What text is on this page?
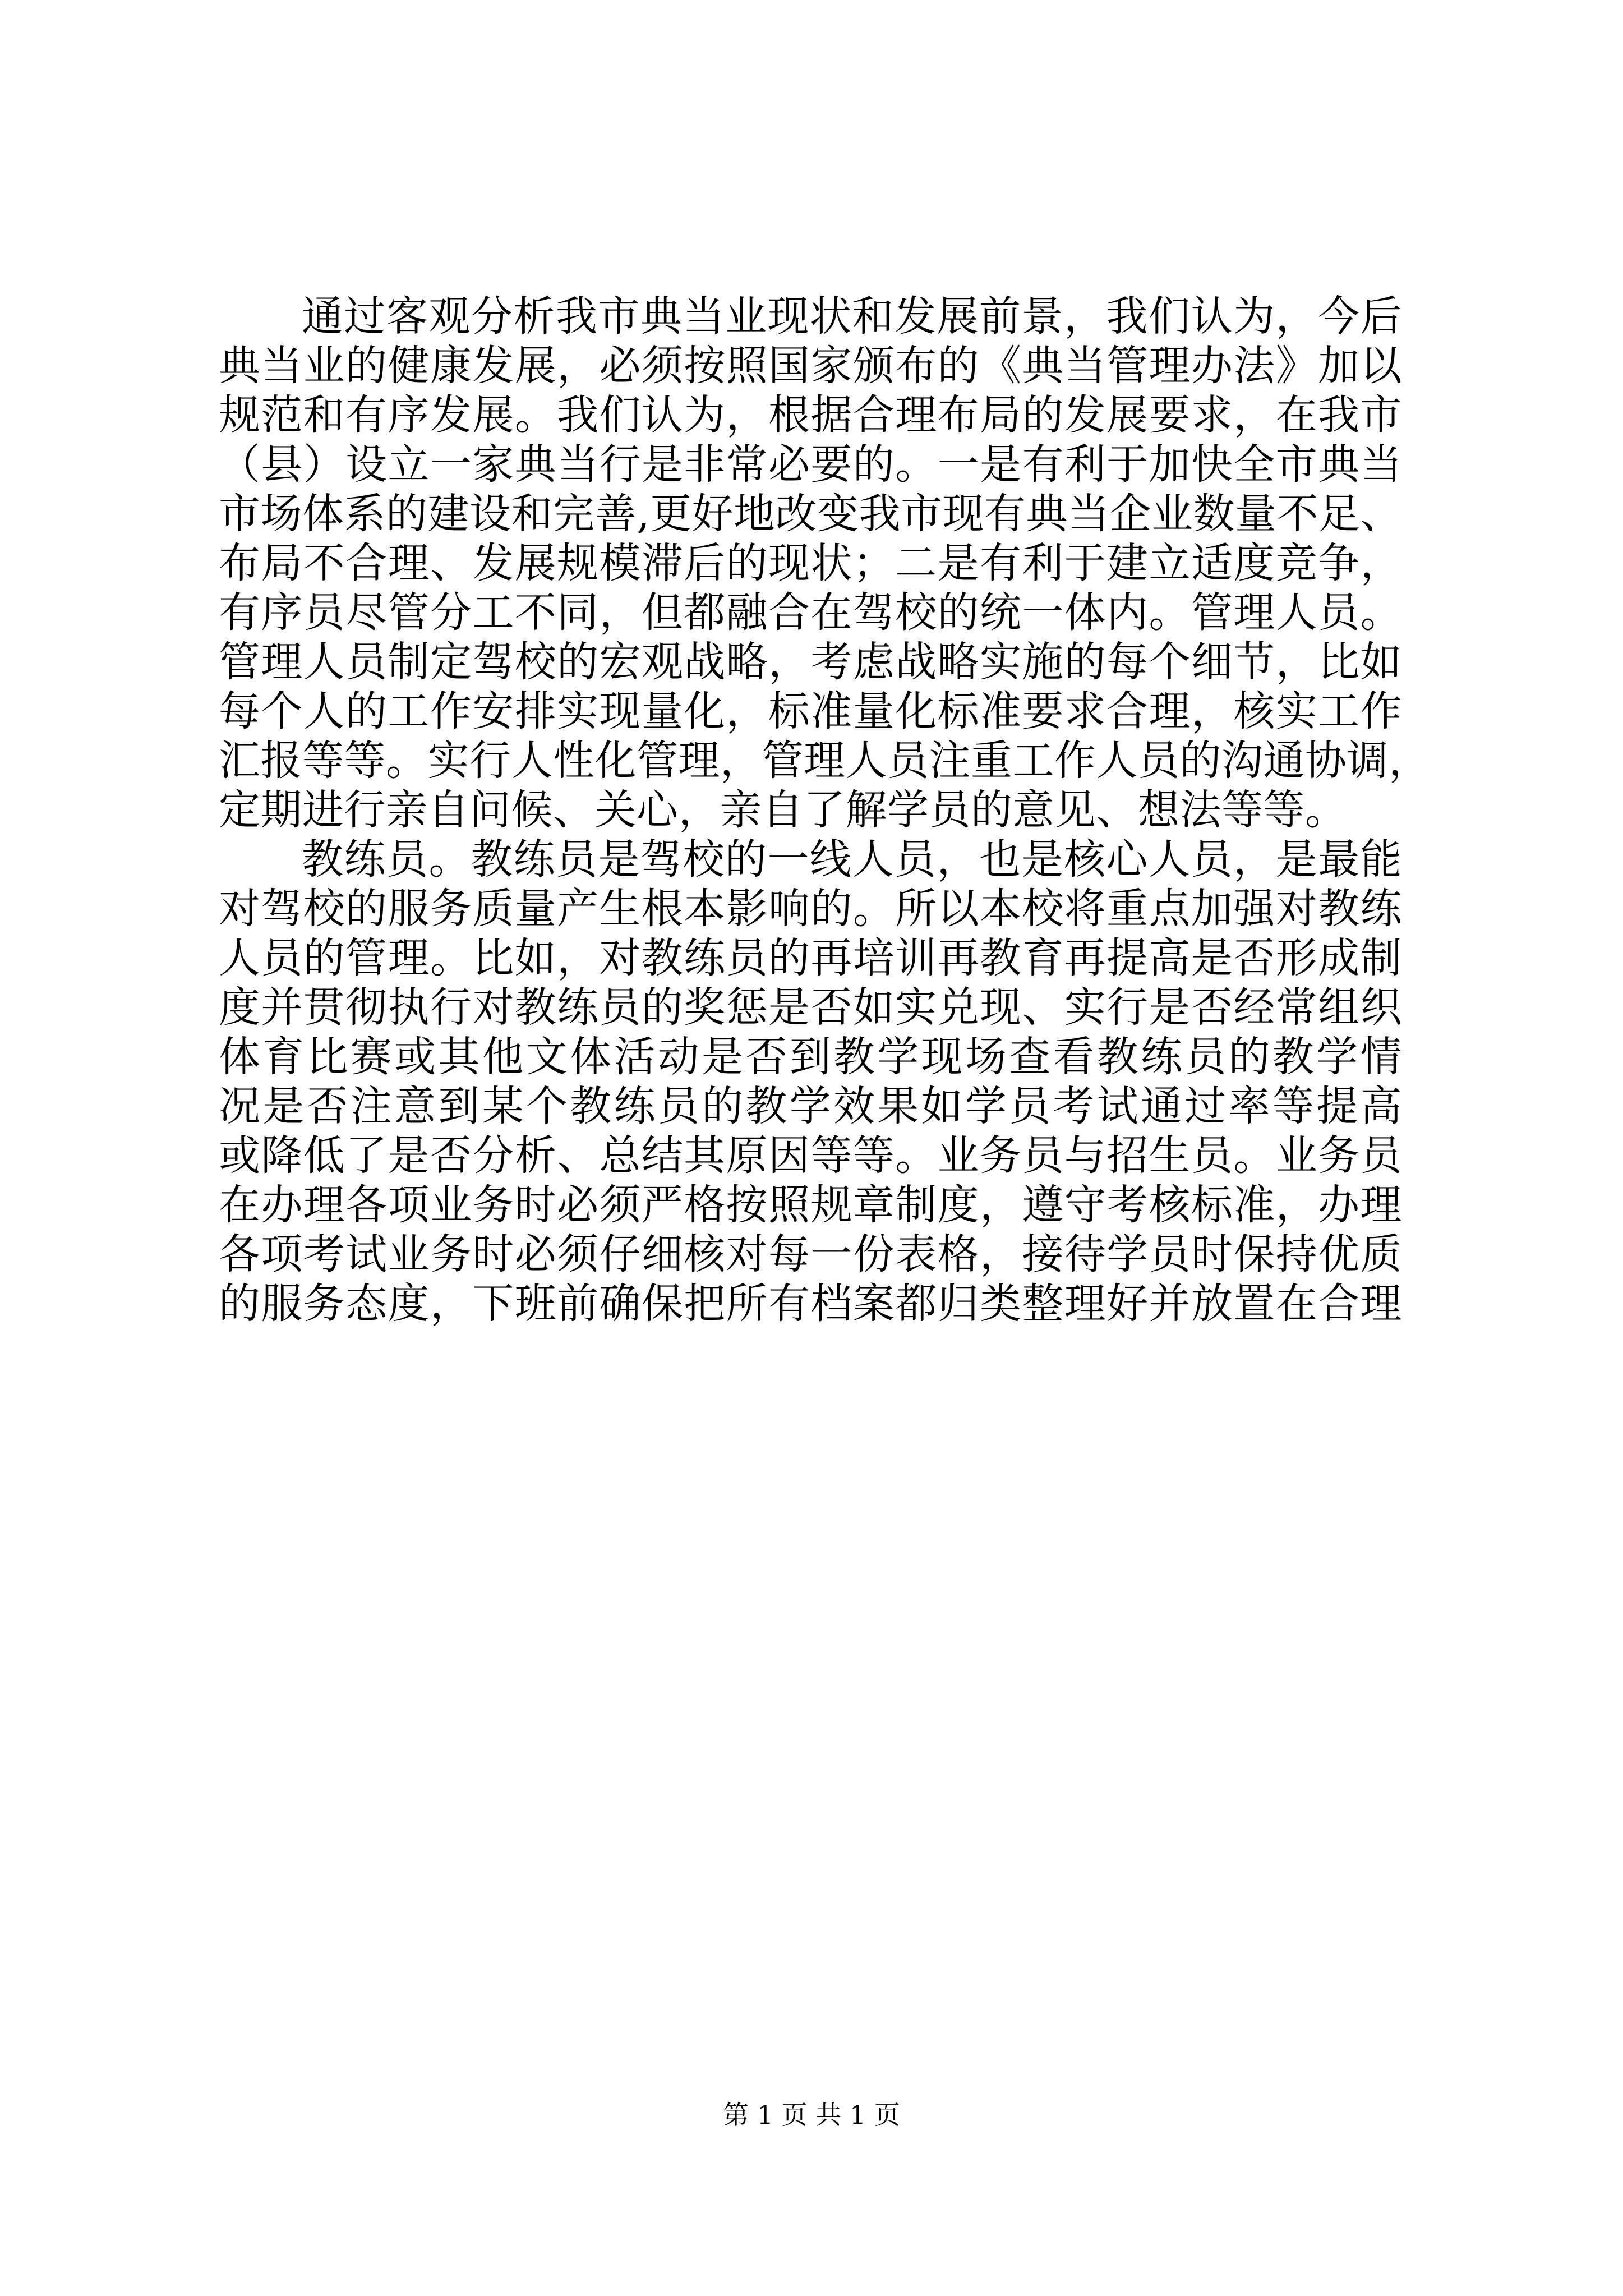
通过客观分析我市典当业现状和发展前景，我们认为，今后
典当业的健康发展，必须按照国家颁布的《典当管理办法》加以
规范和有序发展。我们认为，根据合理布局的发展要求，在我市
（县）设立一家典当行是非常必要的。一是有利于加快全市典当
市场体系的建设和完善,更好地改变我市现有典当企业数量不足、
布局不合理、发展规模滞后的现状；二是有利于建立适度竞争，
有序员尽管分工不同，但都融合在驾校的统一体内。管理人员。
管理人员制定驾校的宏观战略，考虑战略实施的每个细节，比如
每个人的工作安排实现量化，标准量化标准要求合理，核实工作
汇报等等。实行人性化管理，管理人员注重工作人员的沟通协调，
定期进行亲自问候、关心，亲自了解学员的意见、想法等等。
教练员。教练员是驾校的一线人员，也是核心人员，是最能
对驾校的服务质量产生根本影响的。所以本校将重点加强对教练
人员的管理。比如，对教练员的再培训再教育再提高是否形成制
度并贯彻执行对教练员的奖惩是否如实兑现、实行是否经常组织
体育比赛或其他文体活动是否到教学现场查看教练员的教学情
况是否注意到某个教练员的教学效果如学员考试通过率等提高
或降低了是否分析、总结其原因等等。业务员与招生员。业务员
在办理各项业务时必须严格按照规章制度，遵守考核标准，办理
各项考试业务时必须仔细核对每一份表格，接待学员时保持优质
的服务态度，下班前确保把所有档案都归类整理好并放置在合理
第 1 页 共 1 页
